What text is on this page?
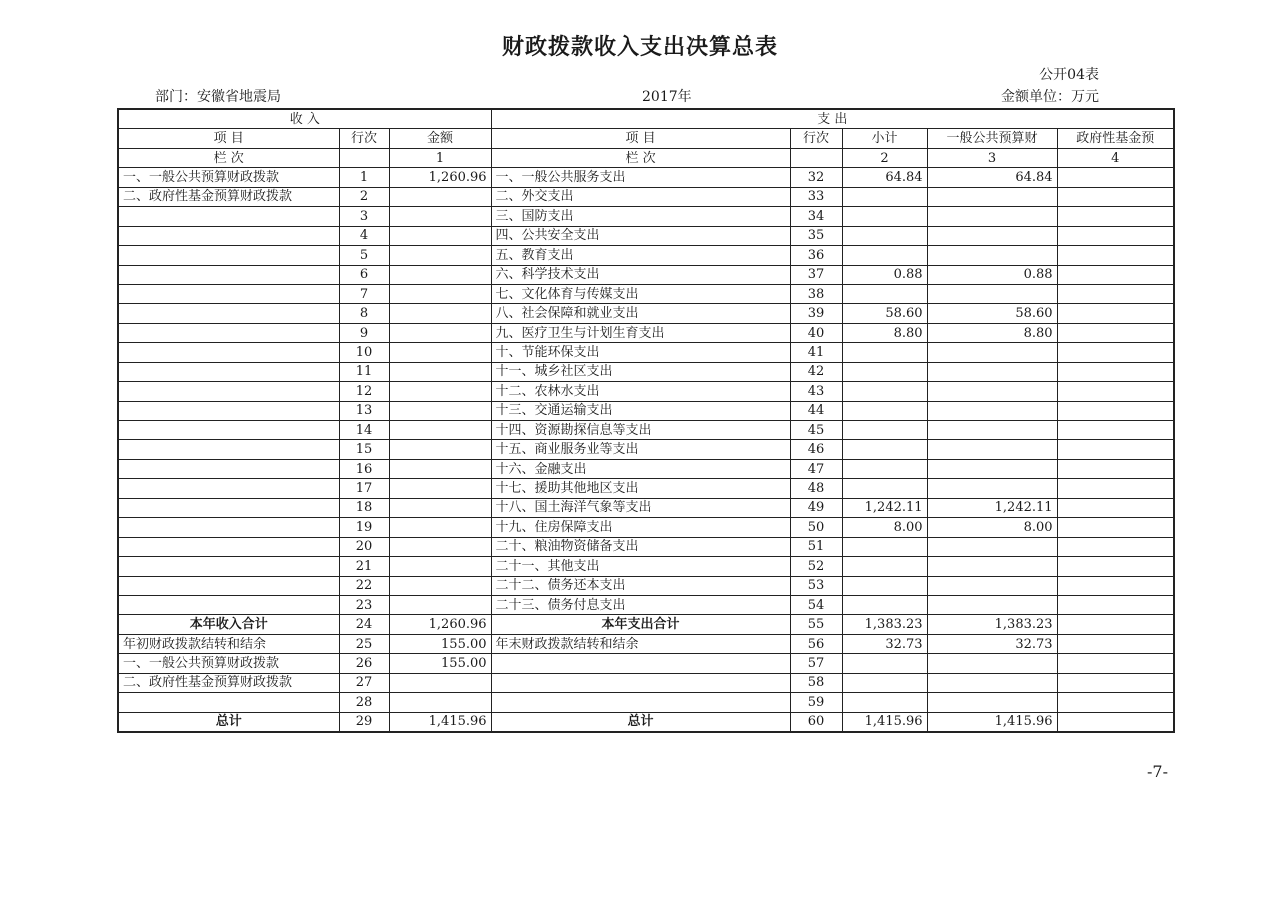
财政拨款收入支出决算总表
公开04表
部门：安徽省地震局	2017年	金额单位：万元
收 入			支 出				
项 目	行次	金额	项 目	行次	小计	一般公共预算财	政府性基金预
栏 次		1	栏 次		2	3	4
一、一般公共预算财政拨款	1	1,260.96	一、一般公共服务支出	32	64.84	64.84	
二、政府性基金预算财政拨款	2		二、外交支出	33			
	3		三、国防支出	34			
	4		四、公共安全支出	35			
	5		五、教育支出	36			
	6		六、科学技术支出	37	0.88	0.88	
	7		七、文化体育与传媒支出	38			
	8		八、社会保障和就业支出	39	58.60	58.60	
	9		九、医疗卫生与计划生育支出	40	8.80	8.80	
	10		十、节能环保支出	41			
	11		十一、城乡社区支出	42			
	12		十二、农林水支出	43			
	13		十三、交通运输支出	44			
	14		十四、资源勘探信息等支出	45			
	15		十五、商业服务业等支出	46			
	16		十六、金融支出	47			
	17		十七、援助其他地区支出	48			
	18		十八、国土海洋气象等支出	49	1,242.11	1,242.11	
	19		十九、住房保障支出	50	8.00	8.00	
	20		二十、粮油物资储备支出	51			
	21		二十一、其他支出	52			
	22		二十二、债务还本支出	53			
	23		二十三、债务付息支出	54			
本年收入合计	24	1,260.96	本年支出合计	55	1,383.23	1,383.23	
年初财政拨款结转和结余	25	155.00	年末财政拨款结转和结余	56	32.73	32.73	
一、一般公共预算财政拨款	26	155.00		57			
二、政府性基金预算财政拨款	27			58			
	28			59			
总计	29	1,415.96	总计	60	1,415.96	1,415.96	
-7-
